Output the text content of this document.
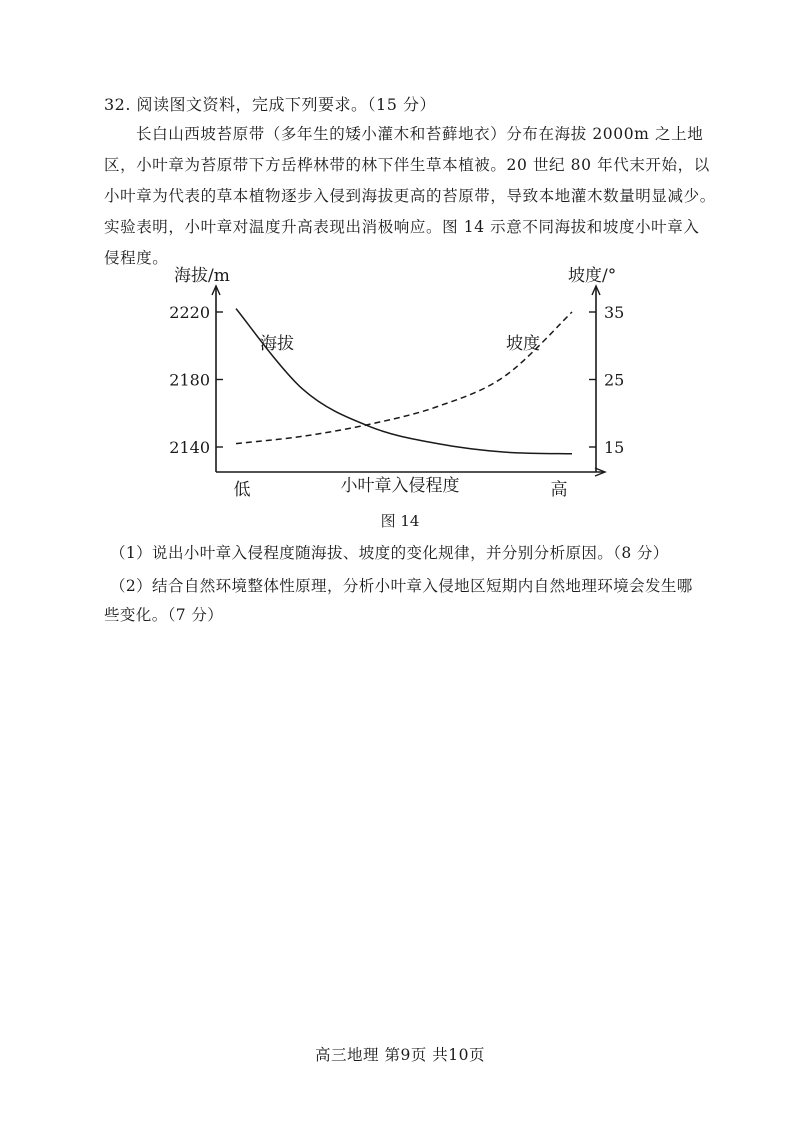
32. 阅读图文资料，完成下列要求。（15 分）
长白山西坡苔原带（多年生的矮小灌木和苔藓地衣）分布在海拔 2000m 之上地
区，小叶章为苔原带下方岳桦林带的林下伴生草本植被。20 世纪 80 年代末开始，以
小叶章为代表的草本植物逐步入侵到海拔更高的苔原带，导致本地灌木数量明显减少。
实验表明，小叶章对温度升高表现出消极响应。图 14 示意不同海拔和坡度小叶章入
侵程度。
2140
2180
2220
15
25
35
海拔/m	坡度/°
低	高
小叶章入侵程度
海拔	坡度
图 14
（1）说出小叶章入侵程度随海拔、坡度的变化规律，并分别分析原因。（8 分）
（2）结合自然环境整体性原理，分析小叶章入侵地区短期内自然地理环境会发生哪
些变化。（7 分）
高三地理 第9页 共10页
